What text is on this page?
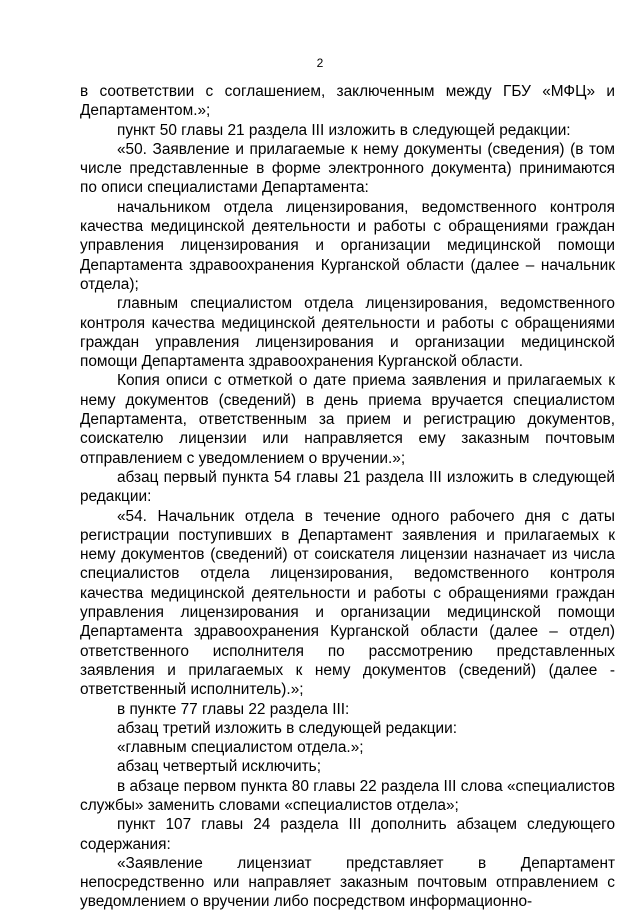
2

в соответствии с соглашением, заключенным между ГБУ «МФЦ» и Департаментом.»;

пункт 50 главы 21 раздела III изложить в следующей редакции:

«50. Заявление и прилагаемые к нему документы (сведения) (в том числе представленные в форме электронного документа) принимаются по описи специалистами Департамента:

начальником отдела лицензирования, ведомственного контроля качества медицинской деятельности и работы с обращениями граждан управления лицензирования и организации медицинской помощи Департамента здравоохранения Курганской области (далее – начальник отдела);

главным специалистом отдела лицензирования, ведомственного контроля качества медицинской деятельности и работы с обращениями граждан управления лицензирования и организации медицинской помощи Департамента здравоохранения Курганской области.

Копия описи с отметкой о дате приема заявления и прилагаемых к нему документов (сведений) в день приема вручается специалистом Департамента, ответственным за прием и регистрацию документов, соискателю лицензии или направляется ему заказным почтовым отправлением с уведомлением о вручении.»;

абзац первый пункта 54 главы 21 раздела III изложить в следующей редакции:

«54. Начальник отдела в течение одного рабочего дня с даты регистрации поступивших в Департамент заявления и прилагаемых к нему документов (сведений) от соискателя лицензии назначает из числа специалистов отдела лицензирования, ведомственного контроля качества медицинской деятельности и работы с обращениями граждан управления лицензирования и организации медицинской помощи Департамента здравоохранения Курганской области (далее – отдел) ответственного исполнителя по рассмотрению представленных заявления и прилагаемых к нему документов (сведений) (далее - ответственный исполнитель).»;

в пункте 77 главы 22 раздела III:

абзац третий изложить в следующей редакции:

«главным специалистом отдела.»;

абзац четвертый исключить;

в абзаце первом пункта 80 главы 22 раздела III слова «специалистов службы» заменить словами «специалистов отдела»;

пункт 107 главы 24 раздела III дополнить абзацем следующего содержания:

«Заявление лицензиат представляет в Департамент непосредственно или направляет заказным почтовым отправлением с уведомлением о вручении либо посредством информационно-
